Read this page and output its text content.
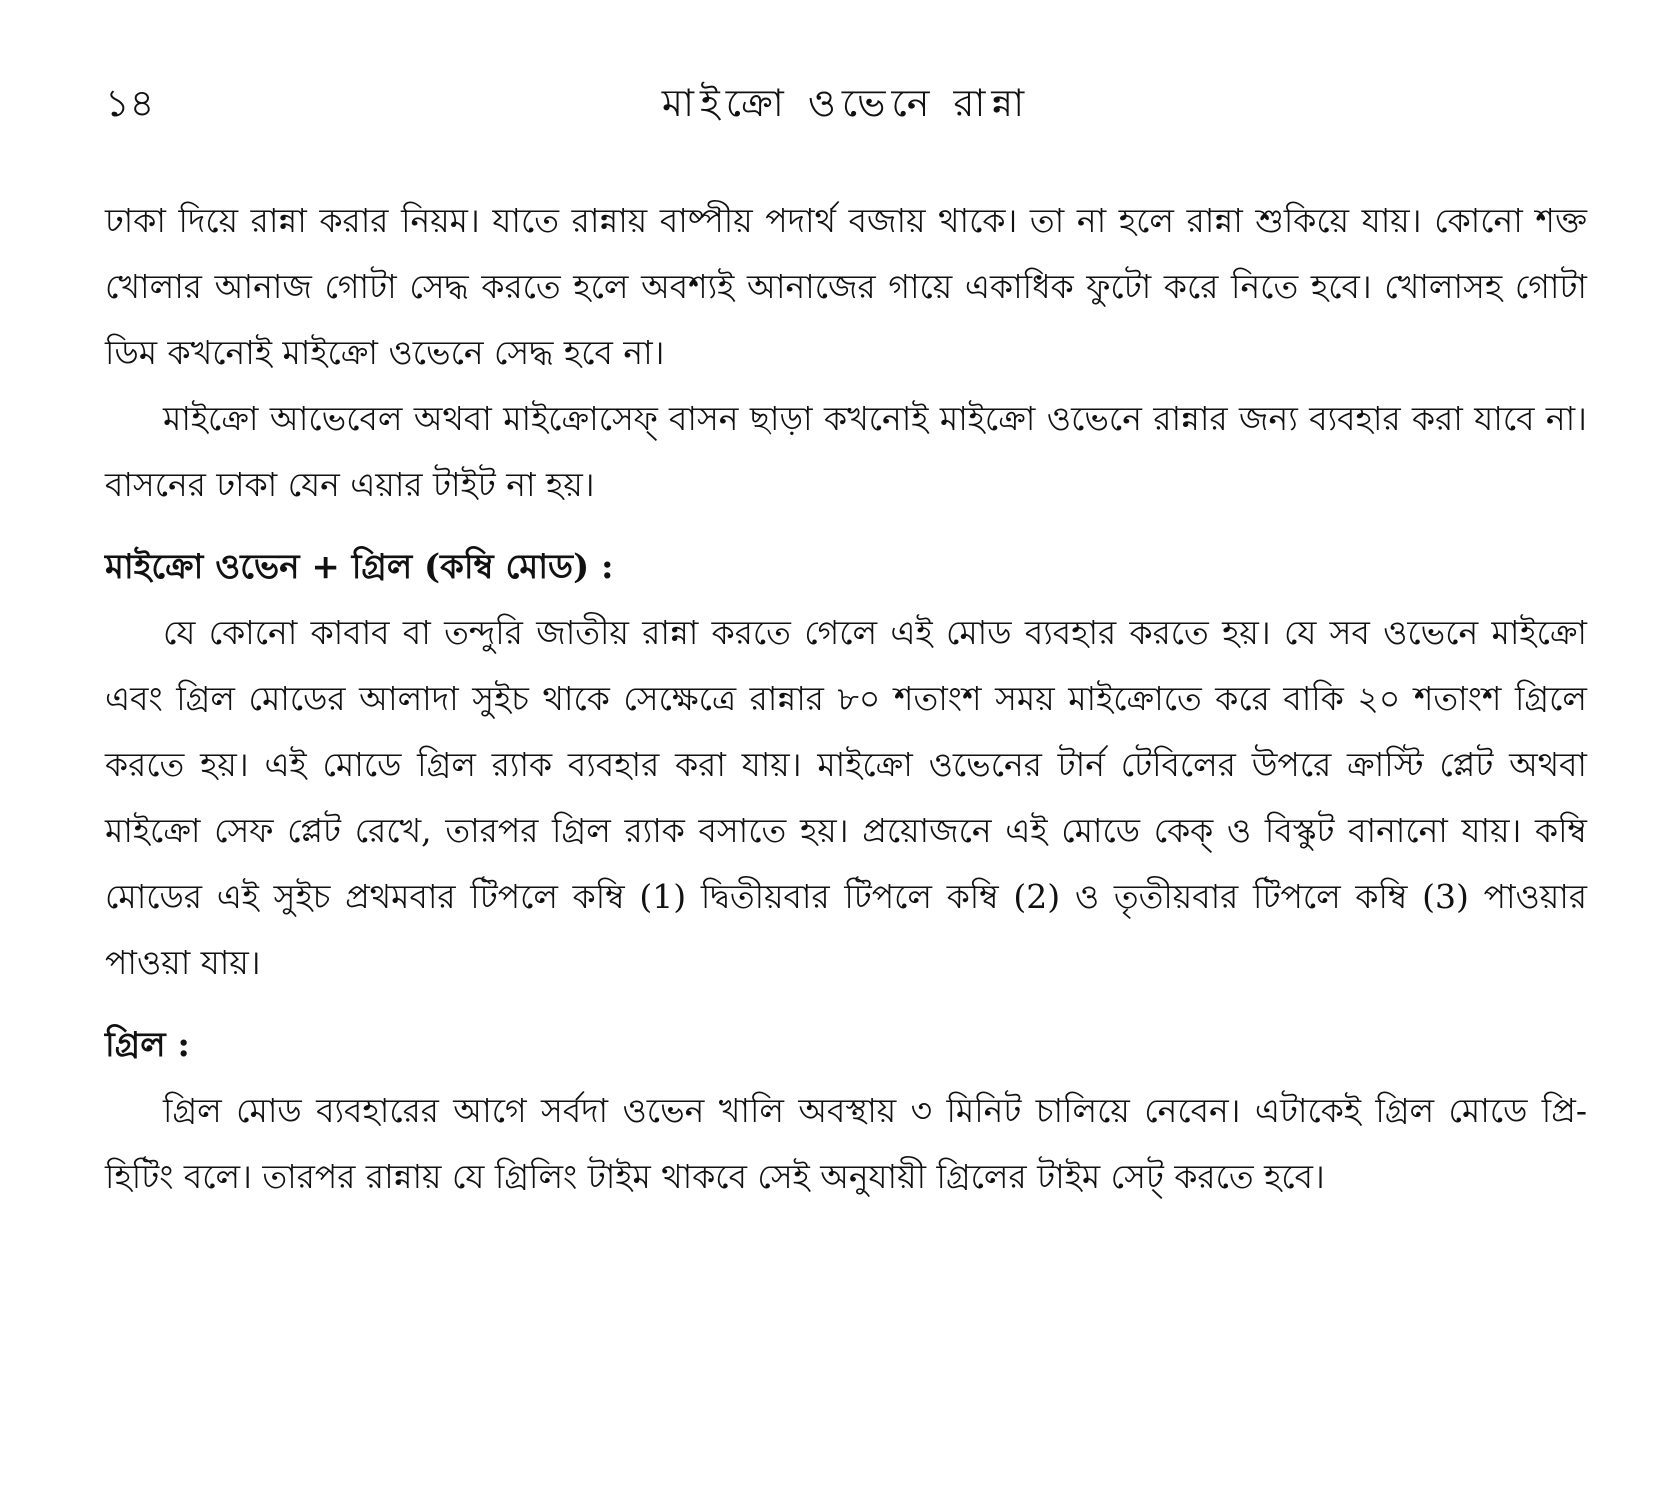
১৪	মাইক্রো ওভেনে রান্না

ঢাকা দিয়ে রান্না করার নিয়ম। যাতে রান্নায় বাষ্পীয় পদার্থ বজায় থাকে। তা না হলে রান্না শুকিয়ে যায়। কোনো শক্ত খোলার আনাজ গোটা সেদ্ধ করতে হলে অবশ্যই আনাজের গায়ে একাধিক ফুটো করে নিতে হবে। খোলাসহ গোটা ডিম কখনোই মাইক্রো ওভেনে সেদ্ধ হবে না।

মাইক্রো আভেবেল অথবা মাইক্রোসেফ্ বাসন ছাড়া কখনোই মাইক্রো ওভেনে রান্নার জন্য ব্যবহার করা যাবে না। বাসনের ঢাকা যেন এয়ার টাইট না হয়।

মাইক্রো ওভেন + গ্রিল (কম্বি মোড) :

যে কোনো কাবাব বা তন্দুরি জাতীয় রান্না করতে গেলে এই মোড ব্যবহার করতে হয়। যে সব ওভেনে মাইক্রো এবং গ্রিল মোডের আলাদা সুইচ থাকে সেক্ষেত্রে রান্নার ৮০ শতাংশ সময় মাইক্রোতে করে বাকি ২০ শতাংশ গ্রিলে করতে হয়। এই মোডে গ্রিল র‍্যাক ব্যবহার করা যায়। মাইক্রো ওভেনের টার্ন টেবিলের উপরে ক্রাস্টি প্লেট অথবা মাইক্রো সেফ প্লেট রেখে, তারপর গ্রিল র‍্যাক বসাতে হয়। প্রয়োজনে এই মোডে কেক্ ও বিস্কুট বানানো যায়। কম্বি মোডের এই সুইচ প্রথমবার টিপলে কম্বি (1) দ্বিতীয়বার টিপলে কম্বি (2) ও তৃতীয়বার টিপলে কম্বি (3) পাওয়ার পাওয়া যায়।

গ্রিল :

গ্রিল মোড ব্যবহারের আগে সর্বদা ওভেন খালি অবস্থায় ৩ মিনিট চালিয়ে নেবেন। এটাকেই গ্রিল মোডে প্রি-হিটিং বলে। তারপর রান্নায় যে গ্রিলিং টাইম থাকবে সেই অনুযায়ী গ্রিলের টাইম সেট্ করতে হবে।
